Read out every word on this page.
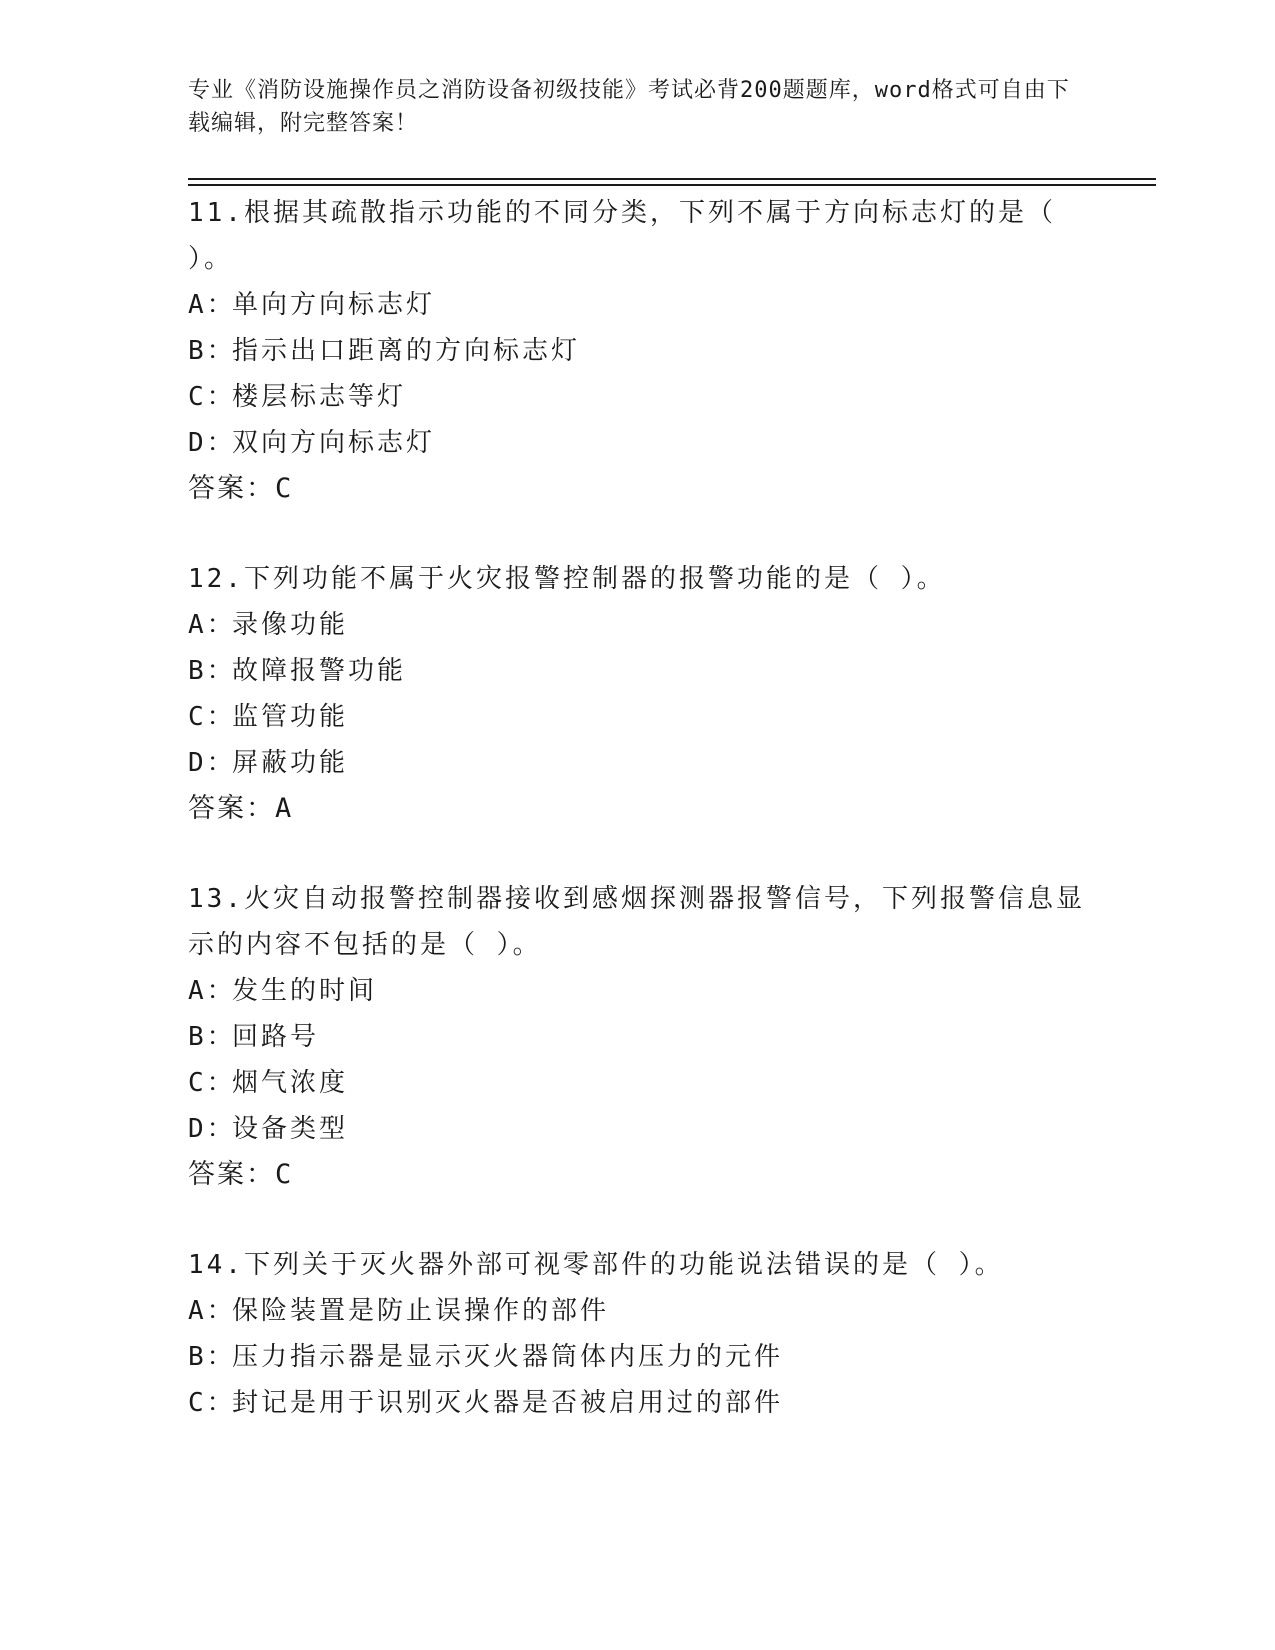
专业《消防设施操作员之消防设备初级技能》考试必背200题题库，word格式可自由下载编辑，附完整答案！
11.根据其疏散指示功能的不同分类，下列不属于方向标志灯的是（ ）。
A：
单向方向标志灯
B：
指示出口距离的方向标志灯
C：
楼层标志等灯
D：
双向方向标志灯
答案：C
12.下列功能不属于火灾报警控制器的报警功能的是（ ）。
A：
录像功能
B：
故障报警功能
C：
监管功能
D：
屏蔽功能
答案：A
13.火灾自动报警控制器接收到感烟探测器报警信号，下列报警信息显示的内容不包括的是（ ）。
A：
发生的时间
B：
回路号
C：
烟气浓度
D：
设备类型
答案：C
14.下列关于灭火器外部可视零部件的功能说法错误的是（ ）。
A：
保险装置是防止误操作的部件
B：
压力指示器是显示灭火器筒体内压力的元件
C：
封记是用于识别灭火器是否被启用过的部件
